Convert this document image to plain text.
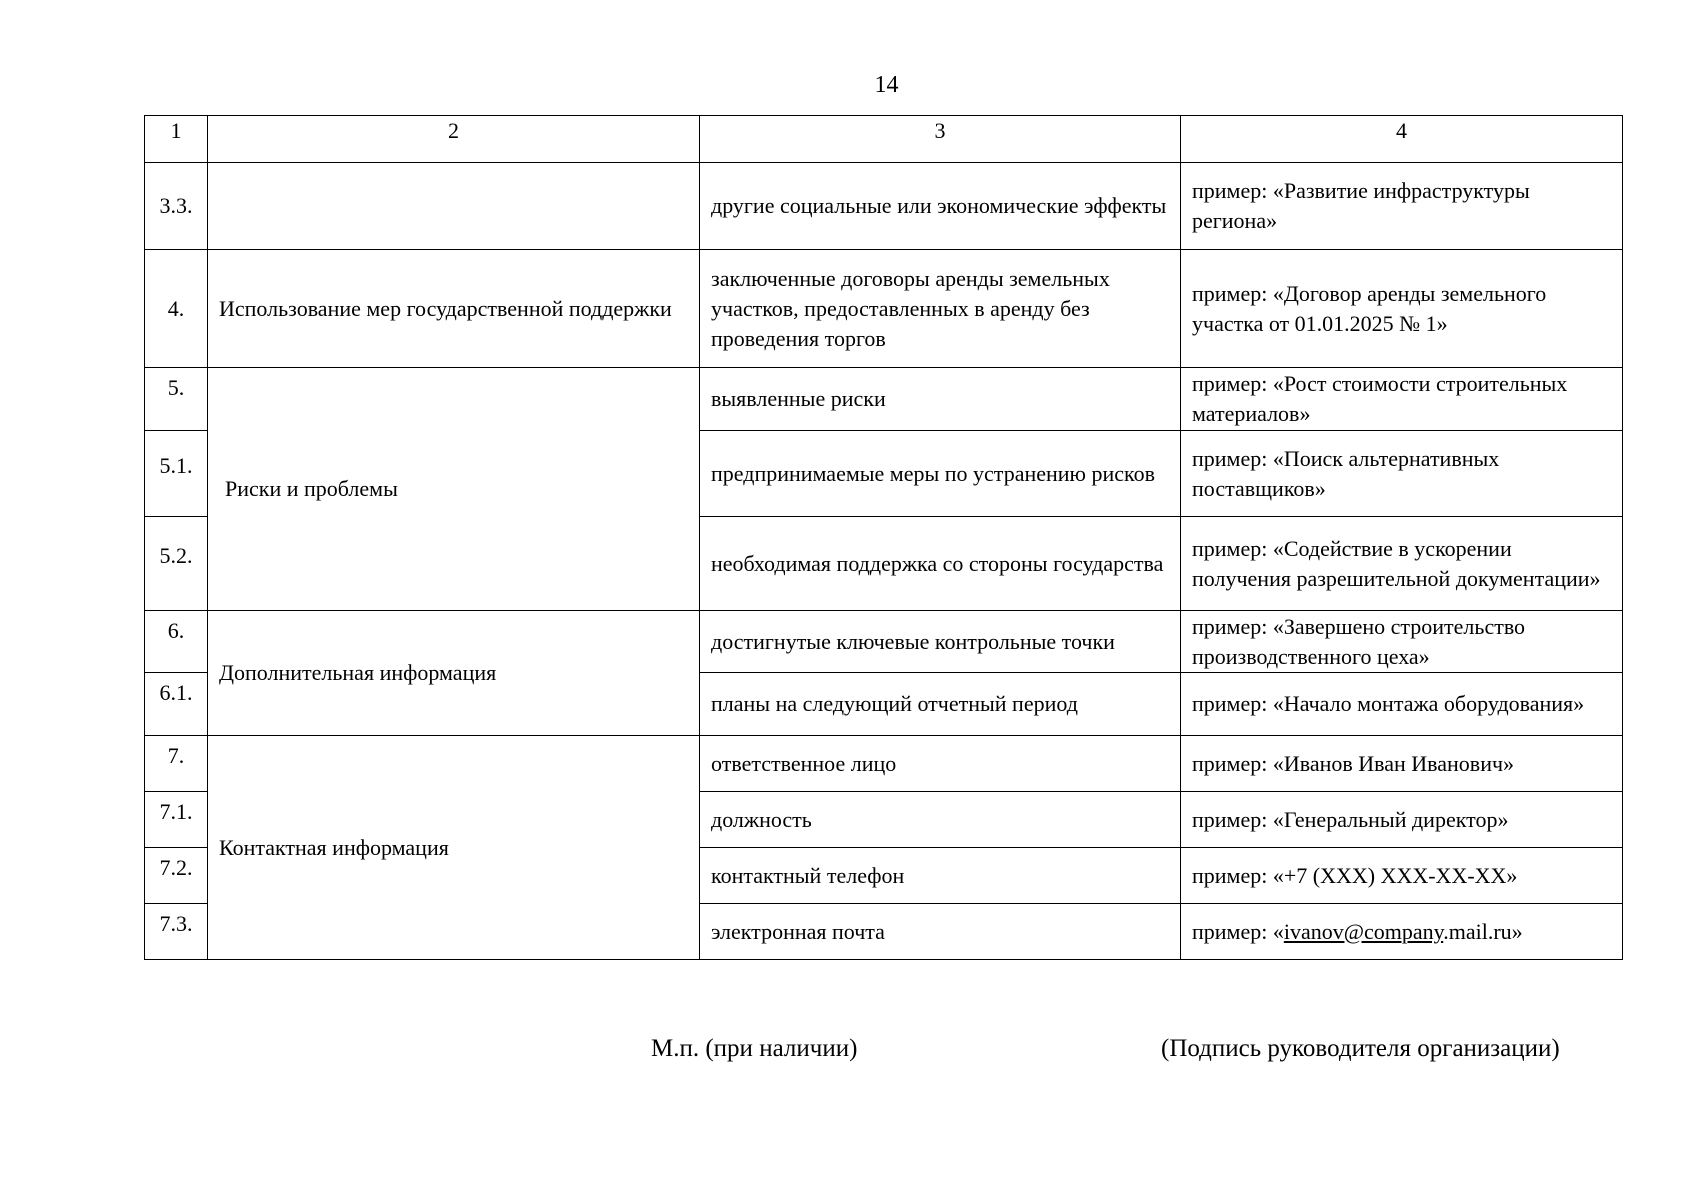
14
1	2	3	4
3.3.		другие социальные или экономические эффекты	пример: «Развитие инфраструктуры региона»
4.	Использование мер государственной поддержки	заключенные договоры аренды земельных участков, предоставленных в аренду без проведения торгов	пример: «Договор аренды земельного участка от 01.01.2025 № 1»
5.	Риски и проблемы	выявленные риски	пример: «Рост стоимости строительных материалов»
5.1.		предпринимаемые меры по устранению рисков	пример: «Поиск альтернативных поставщиков»
5.2.		необходимая поддержка со стороны государства	пример: «Содействие в ускорении получения разрешительной документации»
6.	Дополнительная информация	достигнутые ключевые контрольные точки	пример: «Завершено строительство производственного цеха»
6.1.		планы на следующий отчетный период	пример: «Начало монтажа оборудования»
7.	Контактная информация	ответственное лицо	пример: «Иванов Иван Иванович»
7.1.		должность	пример: «Генеральный директор»
7.2.		контактный телефон	пример: «+7 (XXX) XXX-XX-XX»
7.3.		электронная почта	пример: «ivanov@company.mail.ru»
М.п. (при наличии)	(Подпись руководителя организации)
